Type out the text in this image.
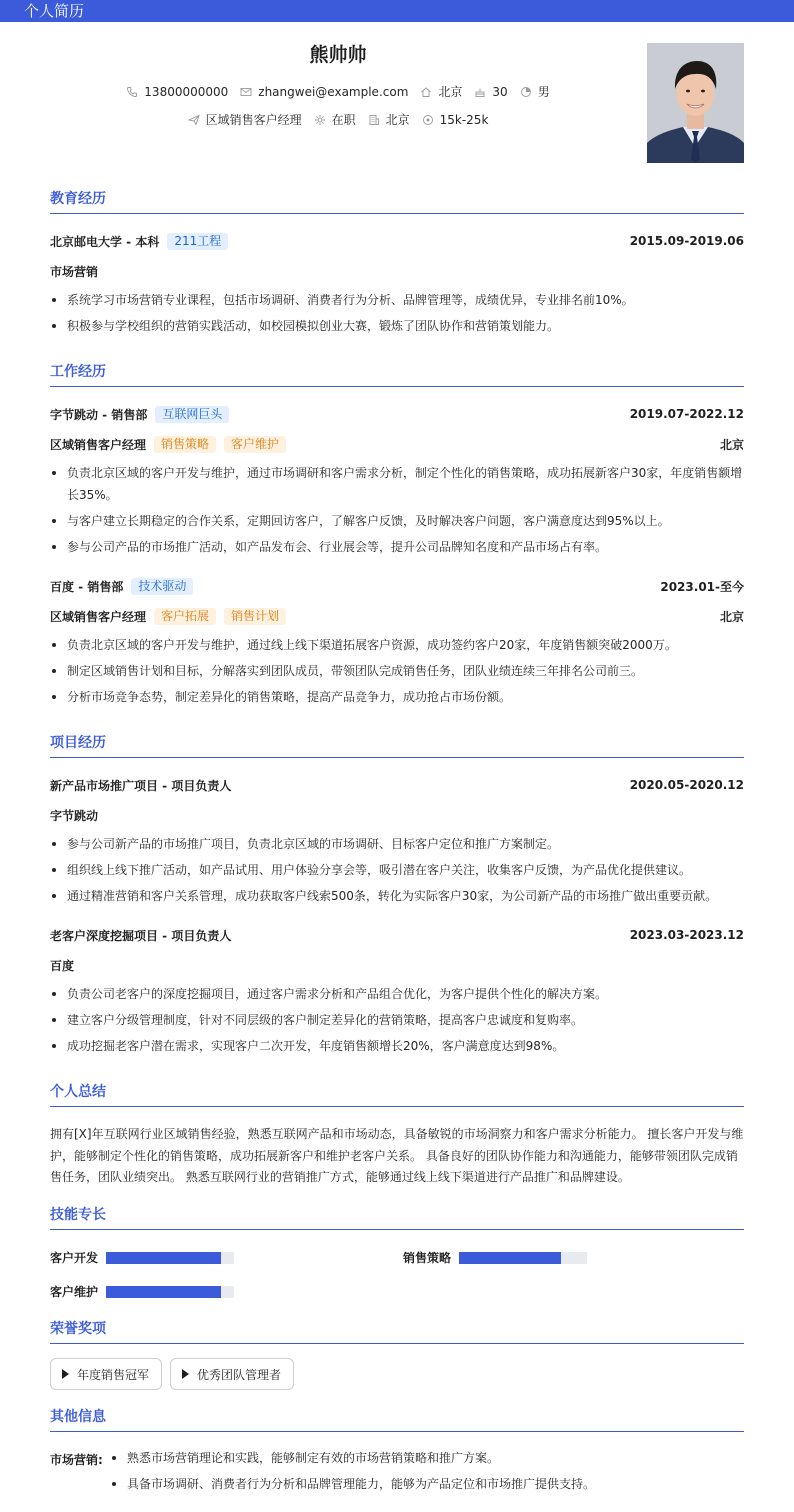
个人简历
熊帅帅
13800000000	zhangwei@example.com	北京	30	男
区域销售客户经理	在职	北京	15k-25k
教育经历
北京邮电大学 - 本科	211工程	2015.09-2019.06
市场营销
系统学习市场营销专业课程，包括市场调研、消费者行为分析、品牌管理等，成绩优异，专业排名前10%。
积极参与学校组织的营销实践活动，如校园模拟创业大赛，锻炼了团队协作和营销策划能力。
工作经历
字节跳动 - 销售部	互联网巨头	2019.07-2022.12
区域销售客户经理	销售策略	客户维护	北京
负责北京区域的客户开发与维护，通过市场调研和客户需求分析，制定个性化的销售策略，成功拓展新客户30家，年度销售额增长35%。
与客户建立长期稳定的合作关系，定期回访客户，了解客户反馈，及时解决客户问题，客户满意度达到95%以上。
参与公司产品的市场推广活动，如产品发布会、行业展会等，提升公司品牌知名度和产品市场占有率。
百度 - 销售部	技术驱动	2023.01-至今
区域销售客户经理	客户拓展	销售计划	北京
负责北京区域的客户开发与维护，通过线上线下渠道拓展客户资源，成功签约客户20家，年度销售额突破2000万。
制定区域销售计划和目标，分解落实到团队成员，带领团队完成销售任务，团队业绩连续三年排名公司前三。
分析市场竞争态势，制定差异化的销售策略，提高产品竞争力，成功抢占市场份额。
项目经历
新产品市场推广项目 - 项目负责人	2020.05-2020.12
字节跳动
参与公司新产品的市场推广项目，负责北京区域的市场调研、目标客户定位和推广方案制定。
组织线上线下推广活动，如产品试用、用户体验分享会等，吸引潜在客户关注，收集客户反馈，为产品优化提供建议。
通过精准营销和客户关系管理，成功获取客户线索500条，转化为实际客户30家，为公司新产品的市场推广做出重要贡献。
老客户深度挖掘项目 - 项目负责人	2023.03-2023.12
百度
负责公司老客户的深度挖掘项目，通过客户需求分析和产品组合优化，为客户提供个性化的解决方案。
建立客户分级管理制度，针对不同层级的客户制定差异化的营销策略，提高客户忠诚度和复购率。
成功挖掘老客户潜在需求，实现客户二次开发，年度销售额增长20%，客户满意度达到98%。
个人总结
拥有[X]年互联网行业区域销售经验，熟悉互联网产品和市场动态，具备敏锐的市场洞察力和客户需求分析能力。 擅长客户开发与维护，能够制定个性化的销售策略，成功拓展新客户和维护老客户关系。 具备良好的团队协作能力和沟通能力，能够带领团队完成销售任务，团队业绩突出。 熟悉互联网行业的营销推广方式，能够通过线上线下渠道进行产品推广和品牌建设。
技能专长
客户开发	销售策略
客户维护
荣誉奖项
年度销售冠军	优秀团队管理者
其他信息
市场营销:	熟悉市场营销理论和实践，能够制定有效的市场营销策略和推广方案。
具备市场调研、消费者行为分析和品牌管理能力，能够为产品定位和市场推广提供支持。
